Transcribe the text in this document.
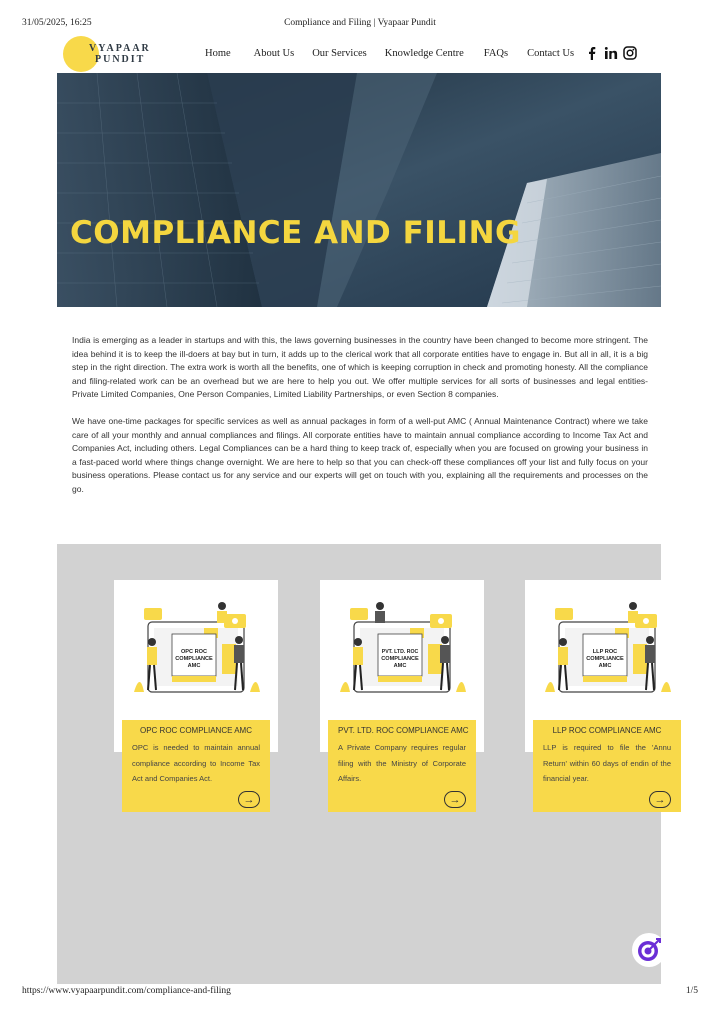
31/05/2025, 16:25	Compliance and Filing | Vyapaar Pundit
VYAPAAR
PUNDIT
Home About Us Our Services Knowledge Centre FAQs Contact Us
COMPLIANCE AND FILING

India is emerging as a leader in startups and with this, the laws governing businesses in the country have been changed to become more stringent. The idea behind it is to keep the ill-doers at bay but in turn, it adds up to the clerical work that all corporate entities have to engage in. But all in all, it is a big step in the right direction. The extra work is worth all the benefits, one of which is keeping corruption in check and promoting honesty. All the compliance and filing-related work can be an overhead but we are here to help you out. We offer multiple services for all sorts of businesses and legal entities- Private Limited Companies, One Person Companies, Limited Liability Partnerships, or even Section 8 companies.

We have one-time packages for specific services as well as annual packages in form of a well-put AMC ( Annual Maintenance Contract) where we take care of all your monthly and annual compliances and filings. All corporate entities have to maintain annual compliance according to Income Tax Act and Companies Act, including others. Legal Compliances can be a hard thing to keep track of, especially when you are focused on growing your business in a fast-paced world where things change overnight. We are here to help so that you can check-off these compliances off your list and fully focus on your business operations. Please contact us for any service and our experts will get on touch with you, explaining all the requirements and processes on the go.

OPC ROC
COMPLIANCE
AMC
OPC ROC COMPLIANCE AMC
OPC is needed to maintain annual compliance according to Income Tax Act and Companies Act.
→
PVT. LTD. ROC
COMPLIANCE
AMC
PVT. LTD. ROC COMPLIANCE AMC
A Private Company requires regular filing with the Ministry of Corporate Affairs.
→
LLP ROC
COMPLIANCE
AMC
LLP ROC COMPLIANCE AMC
LLP is required to file the 'Annu Return' within 60 days of endin of the financial year.
→
https://www.vyapaarpundit.com/compliance-and-filing	1/5
